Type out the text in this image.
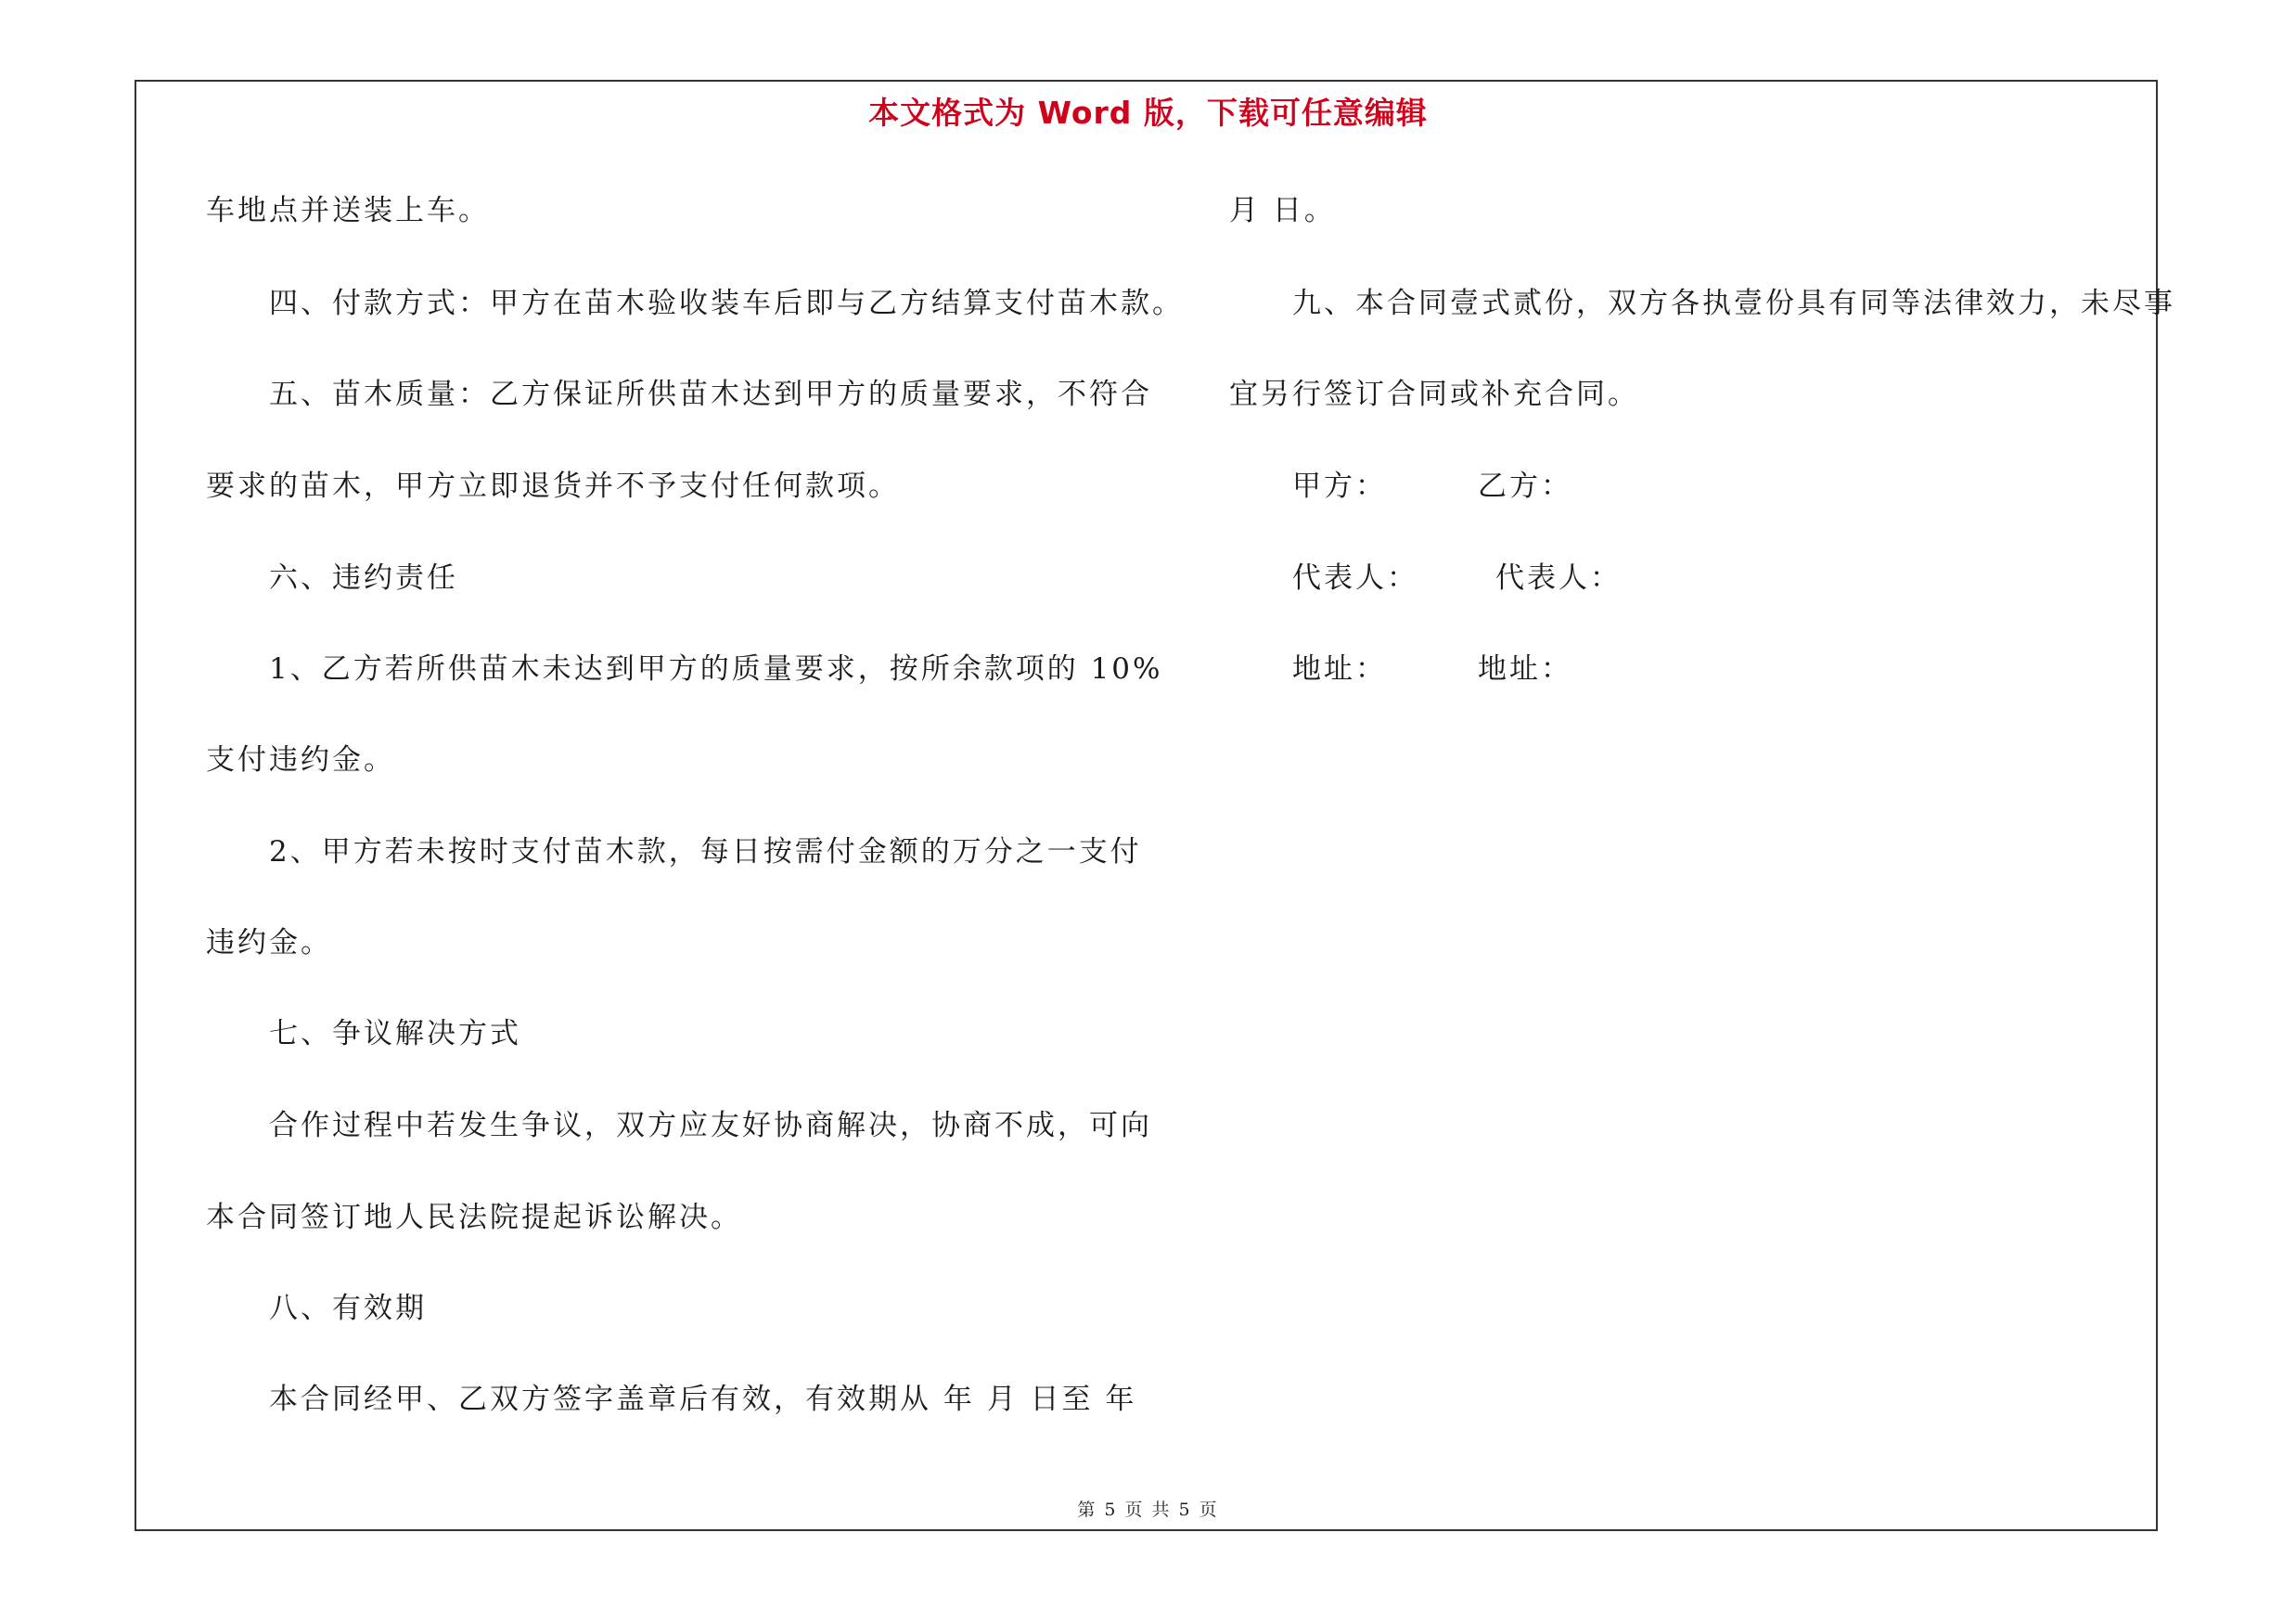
本文格式为 Word 版，下载可任意编辑
车地点并送装上车。
四、付款方式：甲方在苗木验收装车后即与乙方结算支付苗木款。
五、苗木质量：乙方保证所供苗木达到甲方的质量要求，不符合
要求的苗木，甲方立即退货并不予支付任何款项。
六、违约责任
1、乙方若所供苗木未达到甲方的质量要求，按所余款项的 10%
支付违约金。
2、甲方若未按时支付苗木款，每日按需付金额的万分之一支付
违约金。
七、争议解决方式
合作过程中若发生争议，双方应友好协商解决，协商不成，可向
本合同签订地人民法院提起诉讼解决。
八、有效期
本合同经甲、乙双方签字盖章后有效，有效期从 年 月 日至 年
月 日。
九、本合同壹式贰份，双方各执壹份具有同等法律效力，未尽事
宜另行签订合同或补充合同。
甲方：	乙方：
代表人：	代表人：
地址：	地址：
第 5 页 共 5 页
